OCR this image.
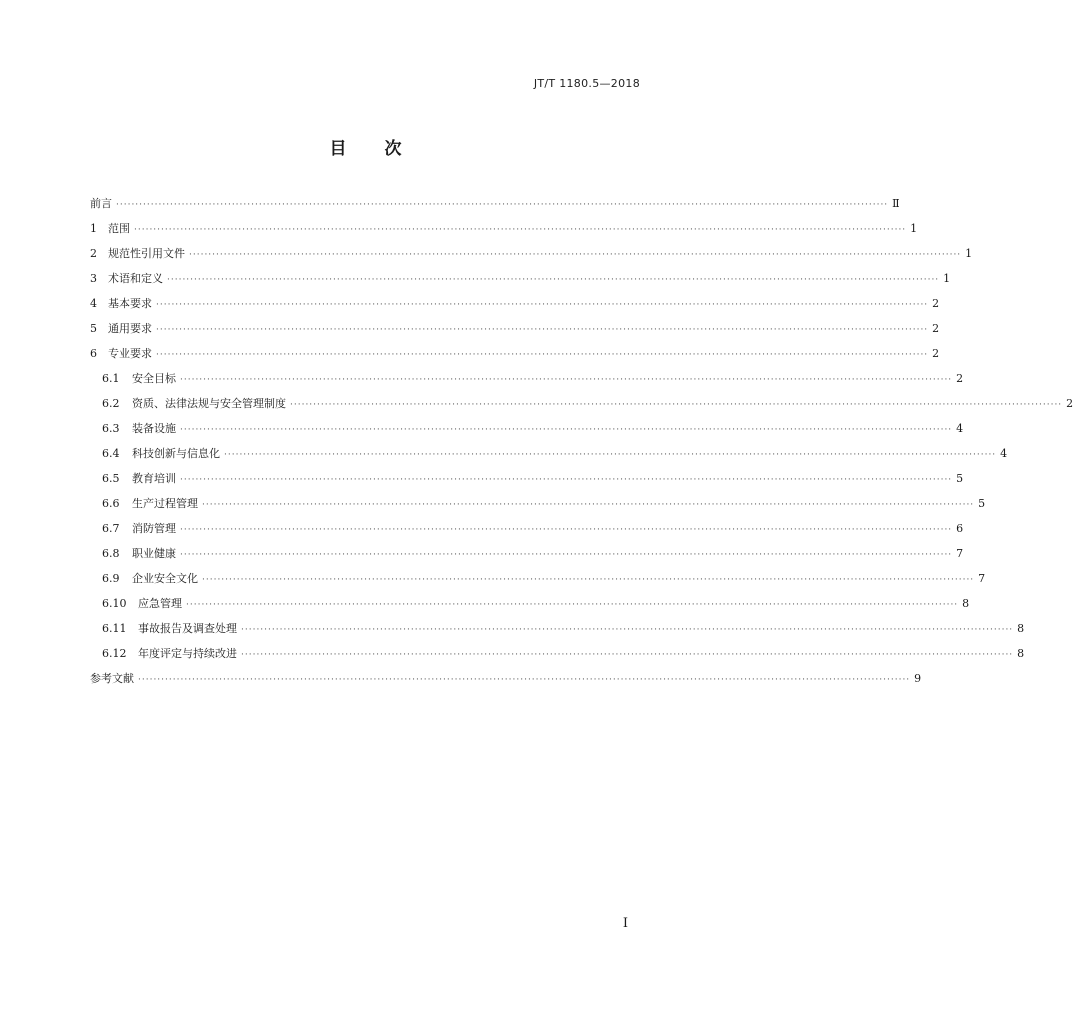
JT/T 1180.5—2018
目 次
前言 ········································································································································································································ Ⅱ
1	范围 ········································································································································································································ 1
2	规范性引用文件 ········································································································································································································ 1
3	术语和定义 ········································································································································································································ 1
4	基本要求 ········································································································································································································ 2
5	通用要求 ········································································································································································································ 2
6	专业要求 ········································································································································································································ 2
6.1	安全目标 ········································································································································································································ 2
6.2	资质、法律法规与安全管理制度 ········································································································································································································ 2
6.3	装备设施 ········································································································································································································ 4
6.4	科技创新与信息化 ········································································································································································································ 4
6.5	教育培训 ········································································································································································································ 5
6.6	生产过程管理 ········································································································································································································ 5
6.7	消防管理 ········································································································································································································ 6
6.8	职业健康 ········································································································································································································ 7
6.9	企业安全文化 ········································································································································································································ 7
6.10	应急管理 ········································································································································································································ 8
6.11	事故报告及调查处理 ········································································································································································································ 8
6.12	年度评定与持续改进 ········································································································································································································ 8
参考文献 ········································································································································································································ 9
Ⅰ
